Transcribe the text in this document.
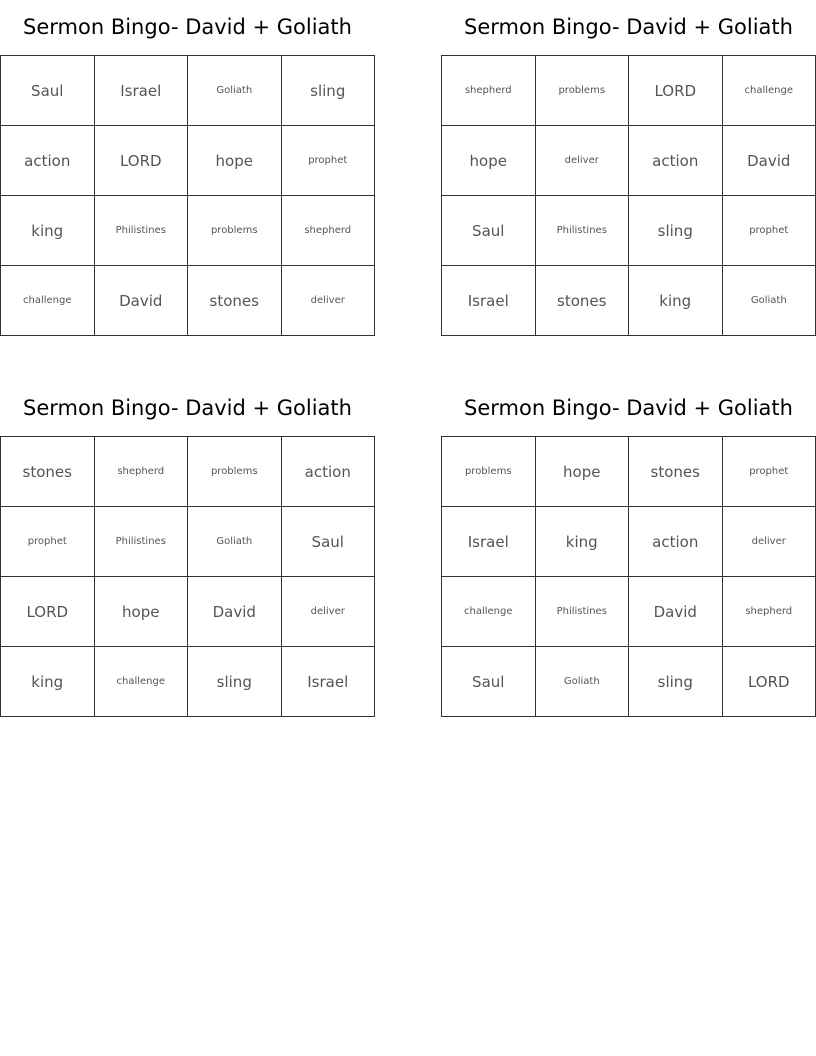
Sermon Bingo- David + Goliath
Saul	Israel	Goliath	sling
action	LORD	hope	prophet
king	Philistines	problems	shepherd
challenge	David	stones	deliver
Sermon Bingo- David + Goliath
shepherd	problems	LORD	challenge
hope	deliver	action	David
Saul	Philistines	sling	prophet
Israel	stones	king	Goliath
Sermon Bingo- David + Goliath
stones	shepherd	problems	action
prophet	Philistines	Goliath	Saul
LORD	hope	David	deliver
king	challenge	sling	Israel
Sermon Bingo- David + Goliath
problems	hope	stones	prophet
Israel	king	action	deliver
challenge	Philistines	David	shepherd
Saul	Goliath	sling	LORD
